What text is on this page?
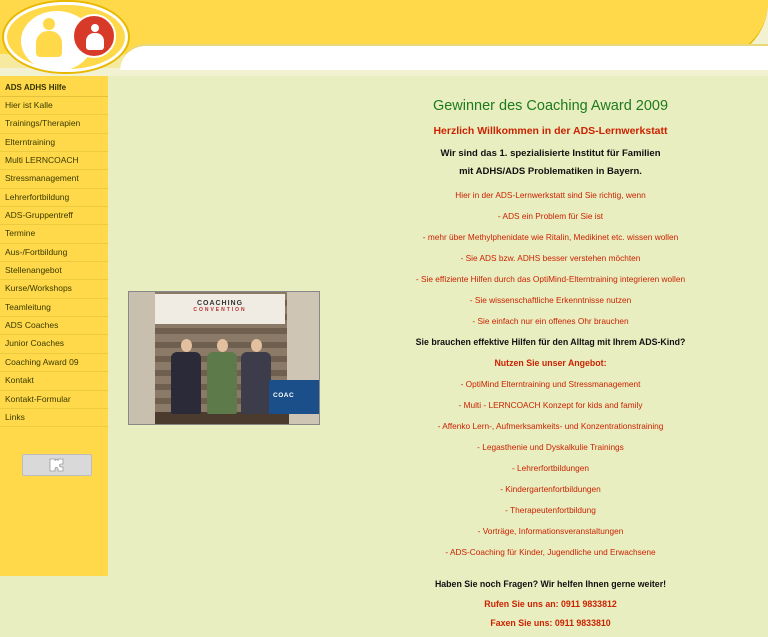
ADS ADHS Hilfe
Hier ist Kalle
Trainings/Therapien
Elterntraining
Multi LERNCOACH
Stressmanagement
Lehrerfortbildung
ADS-Gruppentreff
Termine
Aus-/Fortbildung
Stellenangebot
Kurse/Workshops
Teamleitung
ADS Coaches
Junior Coaches
Coaching Award 09
Kontakt
Kontakt-Formular
Links
COACHING
CONVENTION
COAC
Gewinner des Coaching Award 2009
Herzlich Willkommen in der ADS-Lernwerkstatt
Wir sind das 1. spezialisierte Institut für Familien
mit ADHS/ADS Problematiken in Bayern.
Hier in der ADS-Lernwerkstatt sind Sie richtig, wenn
- ADS ein Problem für Sie ist
- mehr über Methylphenidate wie Ritalin, Medikinet etc. wissen wollen
- Sie ADS bzw. ADHS besser verstehen möchten
- Sie effiziente Hilfen durch das OptiMind-Elterntraining integrieren wollen
- Sie wissenschaftliche Erkenntnisse nutzen
- Sie einfach nur ein offenes Ohr brauchen
Sie brauchen effektive Hilfen für den Alltag mit Ihrem ADS-Kind?
Nutzen Sie unser Angebot:
- OptiMind Elterntraining und Stressmanagement
- Multi - LERNCOACH Konzept for kids and family
- Affenko Lern-, Aufmerksamkeits- und Konzentrationstraining
- Legasthenie und Dyskalkulie Trainings
- Lehrerfortbildungen
- Kindergartenfortbildungen
- Therapeutenfortbildung
- Vorträge, Informationsveranstaltungen
- ADS-Coaching für Kinder, Jugendliche und Erwachsene
Haben Sie noch Fragen? Wir helfen Ihnen gerne weiter!
Rufen Sie uns an: 0911 9833812
Faxen Sie uns: 0911 9833810
